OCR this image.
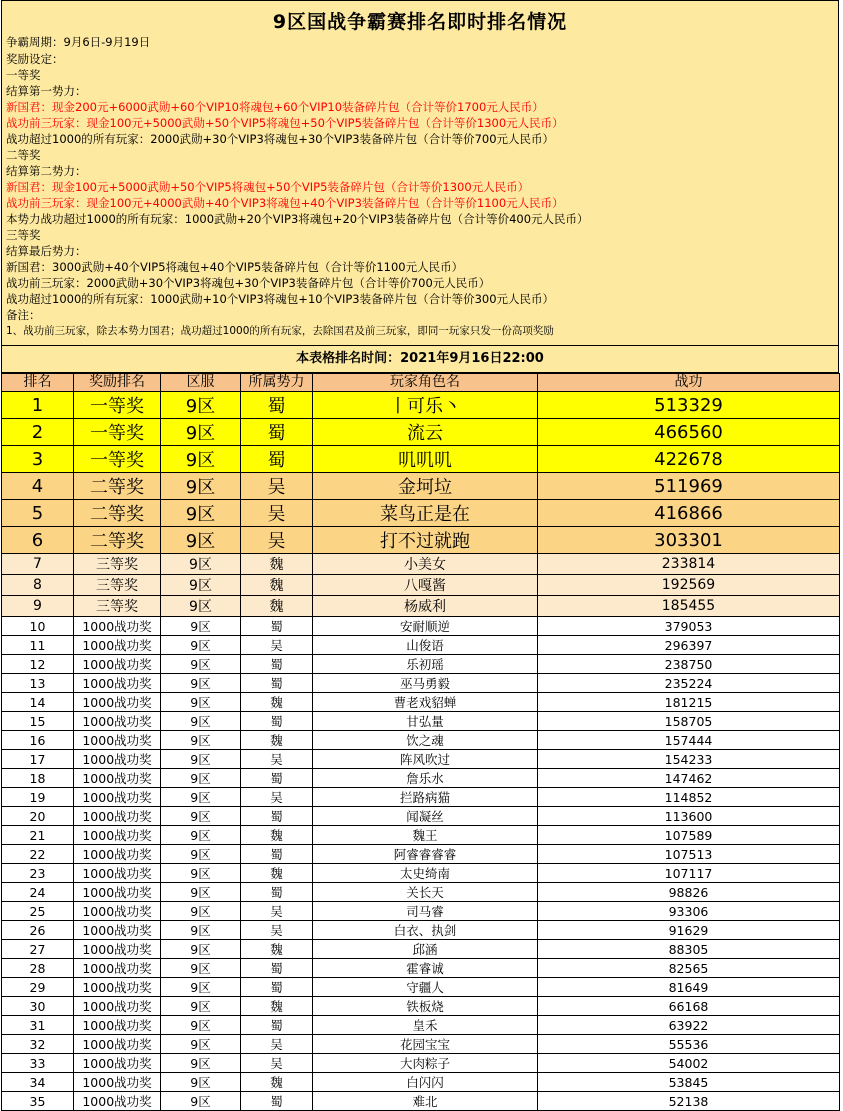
9区国战争霸赛排名即时排名情况
争霸周期：9月6日-9月19日
奖励设定：
一等奖
结算第一势力：
新国君：现金200元+6000武勋+60个VIP10将魂包+60个VIP10装备碎片包（合计等价1700元人民币）
战功前三玩家：现金100元+5000武勋+50个VIP5将魂包+50个VIP5装备碎片包（合计等价1300元人民币）
战功超过1000的所有玩家：2000武勋+30个VIP3将魂包+30个VIP3装备碎片包（合计等价700元人民币）
二等奖
结算第二势力：
新国君：现金100元+5000武勋+50个VIP5将魂包+50个VIP5装备碎片包（合计等价1300元人民币）
战功前三玩家：现金100元+4000武勋+40个VIP3将魂包+40个VIP3装备碎片包（合计等价1100元人民币）
本势力战功超过1000的所有玩家：1000武勋+20个VIP3将魂包+20个VIP3装备碎片包（合计等价400元人民币）
三等奖
结算最后势力：
新国君：3000武勋+40个VIP5将魂包+40个VIP5装备碎片包（合计等价1100元人民币）
战功前三玩家：2000武勋+30个VIP3将魂包+30个VIP3装备碎片包（合计等价700元人民币）
战功超过1000的所有玩家：1000武勋+10个VIP3将魂包+10个VIP3装备碎片包（合计等价300元人民币）
备注：
1、战功前三玩家，除去本势力国君；战功超过1000的所有玩家，去除国君及前三玩家，即同一玩家只发一份高项奖励
本表格排名时间：2021年9月16日22:00
排名	奖励排名	区服	所属势力	玩家角色名	战功
1	一等奖	9区	蜀	丨可乐丶	513329
2	一等奖	9区	蜀	流云	466560
3	一等奖	9区	蜀	叽叽叽	422678
4	二等奖	9区	吴	金坷垃	511969
5	二等奖	9区	吴	菜鸟正是在	416866
6	二等奖	9区	吴	打不过就跑	303301
7	三等奖	9区	魏	小美女	233814
8	三等奖	9区	魏	八嘎酱	192569
9	三等奖	9区	魏	杨威利	185455
10	1000战功奖	9区	蜀	安耐顺逆	379053
11	1000战功奖	9区	吴	山俊语	296397
12	1000战功奖	9区	蜀	乐初瑶	238750
13	1000战功奖	9区	蜀	巫马勇毅	235224
14	1000战功奖	9区	魏	曹老戏貂蝉	181215
15	1000战功奖	9区	蜀	甘弘量	158705
16	1000战功奖	9区	魏	饮之魂	157444
17	1000战功奖	9区	吴	阵风吹过	154233
18	1000战功奖	9区	蜀	詹乐水	147462
19	1000战功奖	9区	吴	拦路病猫	114852
20	1000战功奖	9区	蜀	闻凝丝	113600
21	1000战功奖	9区	魏	魏王	107589
22	1000战功奖	9区	蜀	阿睿睿睿睿	107513
23	1000战功奖	9区	魏	太史绮南	107117
24	1000战功奖	9区	蜀	关长天	98826
25	1000战功奖	9区	吴	司马睿	93306
26	1000战功奖	9区	吴	白衣、执剑	91629
27	1000战功奖	9区	魏	邱涵	88305
28	1000战功奖	9区	蜀	霍睿诚	82565
29	1000战功奖	9区	蜀	守疆人	81649
30	1000战功奖	9区	魏	铁板烧	66168
31	1000战功奖	9区	蜀	皇禾	63922
32	1000战功奖	9区	吴	花园宝宝	55536
33	1000战功奖	9区	吴	大肉粽子	54002
34	1000战功奖	9区	魏	白闪闪	53845
35	1000战功奖	9区	蜀	难北	52138
